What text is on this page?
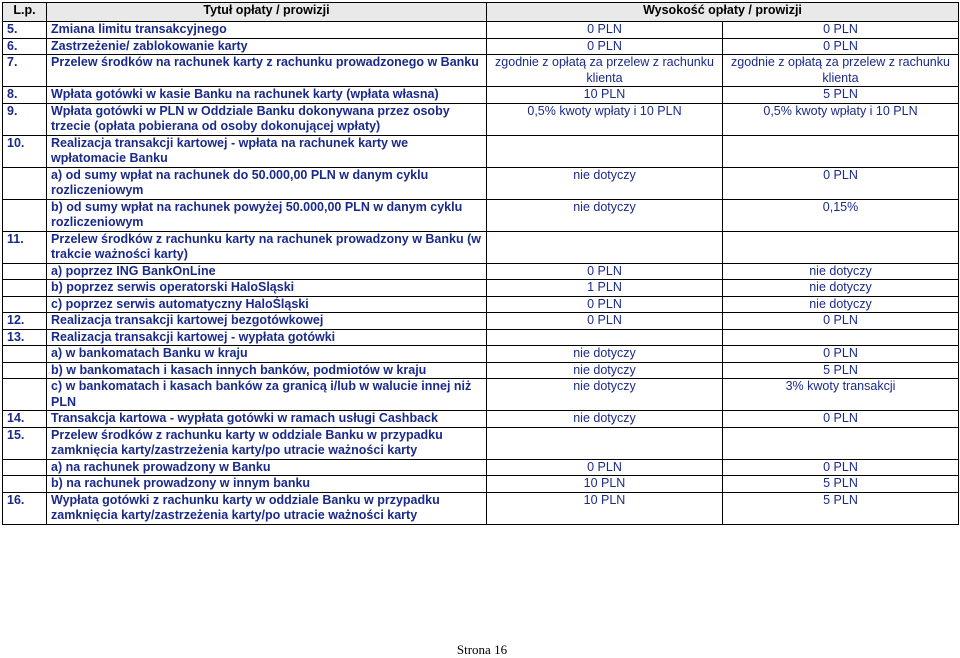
L.p.	Tytuł opłaty / prowizji	Wysokość opłaty / prowizji	
5.	Zmiana limitu transakcyjnego	0 PLN	0 PLN
6.	Zastrzeżenie/ zablokowanie karty	0 PLN	0 PLN
7.	Przelew środków na rachunek karty z rachunku prowadzonego w Banku	zgodnie z opłatą za przelew z rachunku klienta	zgodnie z opłatą za przelew z rachunku klienta
8.	Wpłata gotówki w kasie Banku na rachunek karty (wpłata własna)	10 PLN	5 PLN
9.	Wpłata gotówki w PLN w Oddziale Banku dokonywana przez osoby trzecie (opłata pobierana od osoby dokonującej wpłaty)	0,5% kwoty wpłaty i 10 PLN	0,5% kwoty wpłaty i 10 PLN
10.	Realizacja transakcji kartowej - wpłata na rachunek karty we wpłatomacie Banku		
	a) od sumy wpłat na rachunek do 50.000,00 PLN w danym cyklu rozliczeniowym	nie dotyczy	0 PLN
	b) od sumy wpłat na rachunek powyżej 50.000,00 PLN w danym cyklu rozliczeniowym	nie dotyczy	0,15%
11.	Przelew środków z rachunku karty na rachunek prowadzony w Banku (w trakcie ważności karty)		
	a) poprzez ING BankOnLine	0 PLN	nie dotyczy
	b) poprzez serwis operatorski HaloSląski	1 PLN	nie dotyczy
	c) poprzez serwis automatyczny HaloŚląski	0 PLN	nie dotyczy
12.	Realizacja transakcji kartowej bezgotówkowej	0 PLN	0 PLN
13.	Realizacja transakcji kartowej - wypłata gotówki		
	a) w bankomatach Banku w kraju	nie dotyczy	0 PLN
	b) w bankomatach i kasach innych banków, podmiotów w kraju	nie dotyczy	5 PLN
	c) w bankomatach i kasach banków za granicą i/lub w walucie innej niż PLN	nie dotyczy	3% kwoty transakcji
14.	Transakcja kartowa - wypłata gotówki w ramach usługi Cashback	nie dotyczy	0 PLN
15.	Przelew środków z rachunku karty w oddziale Banku w przypadku zamknięcia karty/zastrzeżenia karty/po utracie ważności karty		
	a) na rachunek prowadzony w Banku	0 PLN	0 PLN
	b) na rachunek prowadzony w innym banku	10 PLN	5 PLN
16.	Wypłata gotówki z rachunku karty w oddziale Banku w przypadku zamknięcia karty/zastrzeżenia karty/po utracie ważności karty	10 PLN	5 PLN
Strona 16
